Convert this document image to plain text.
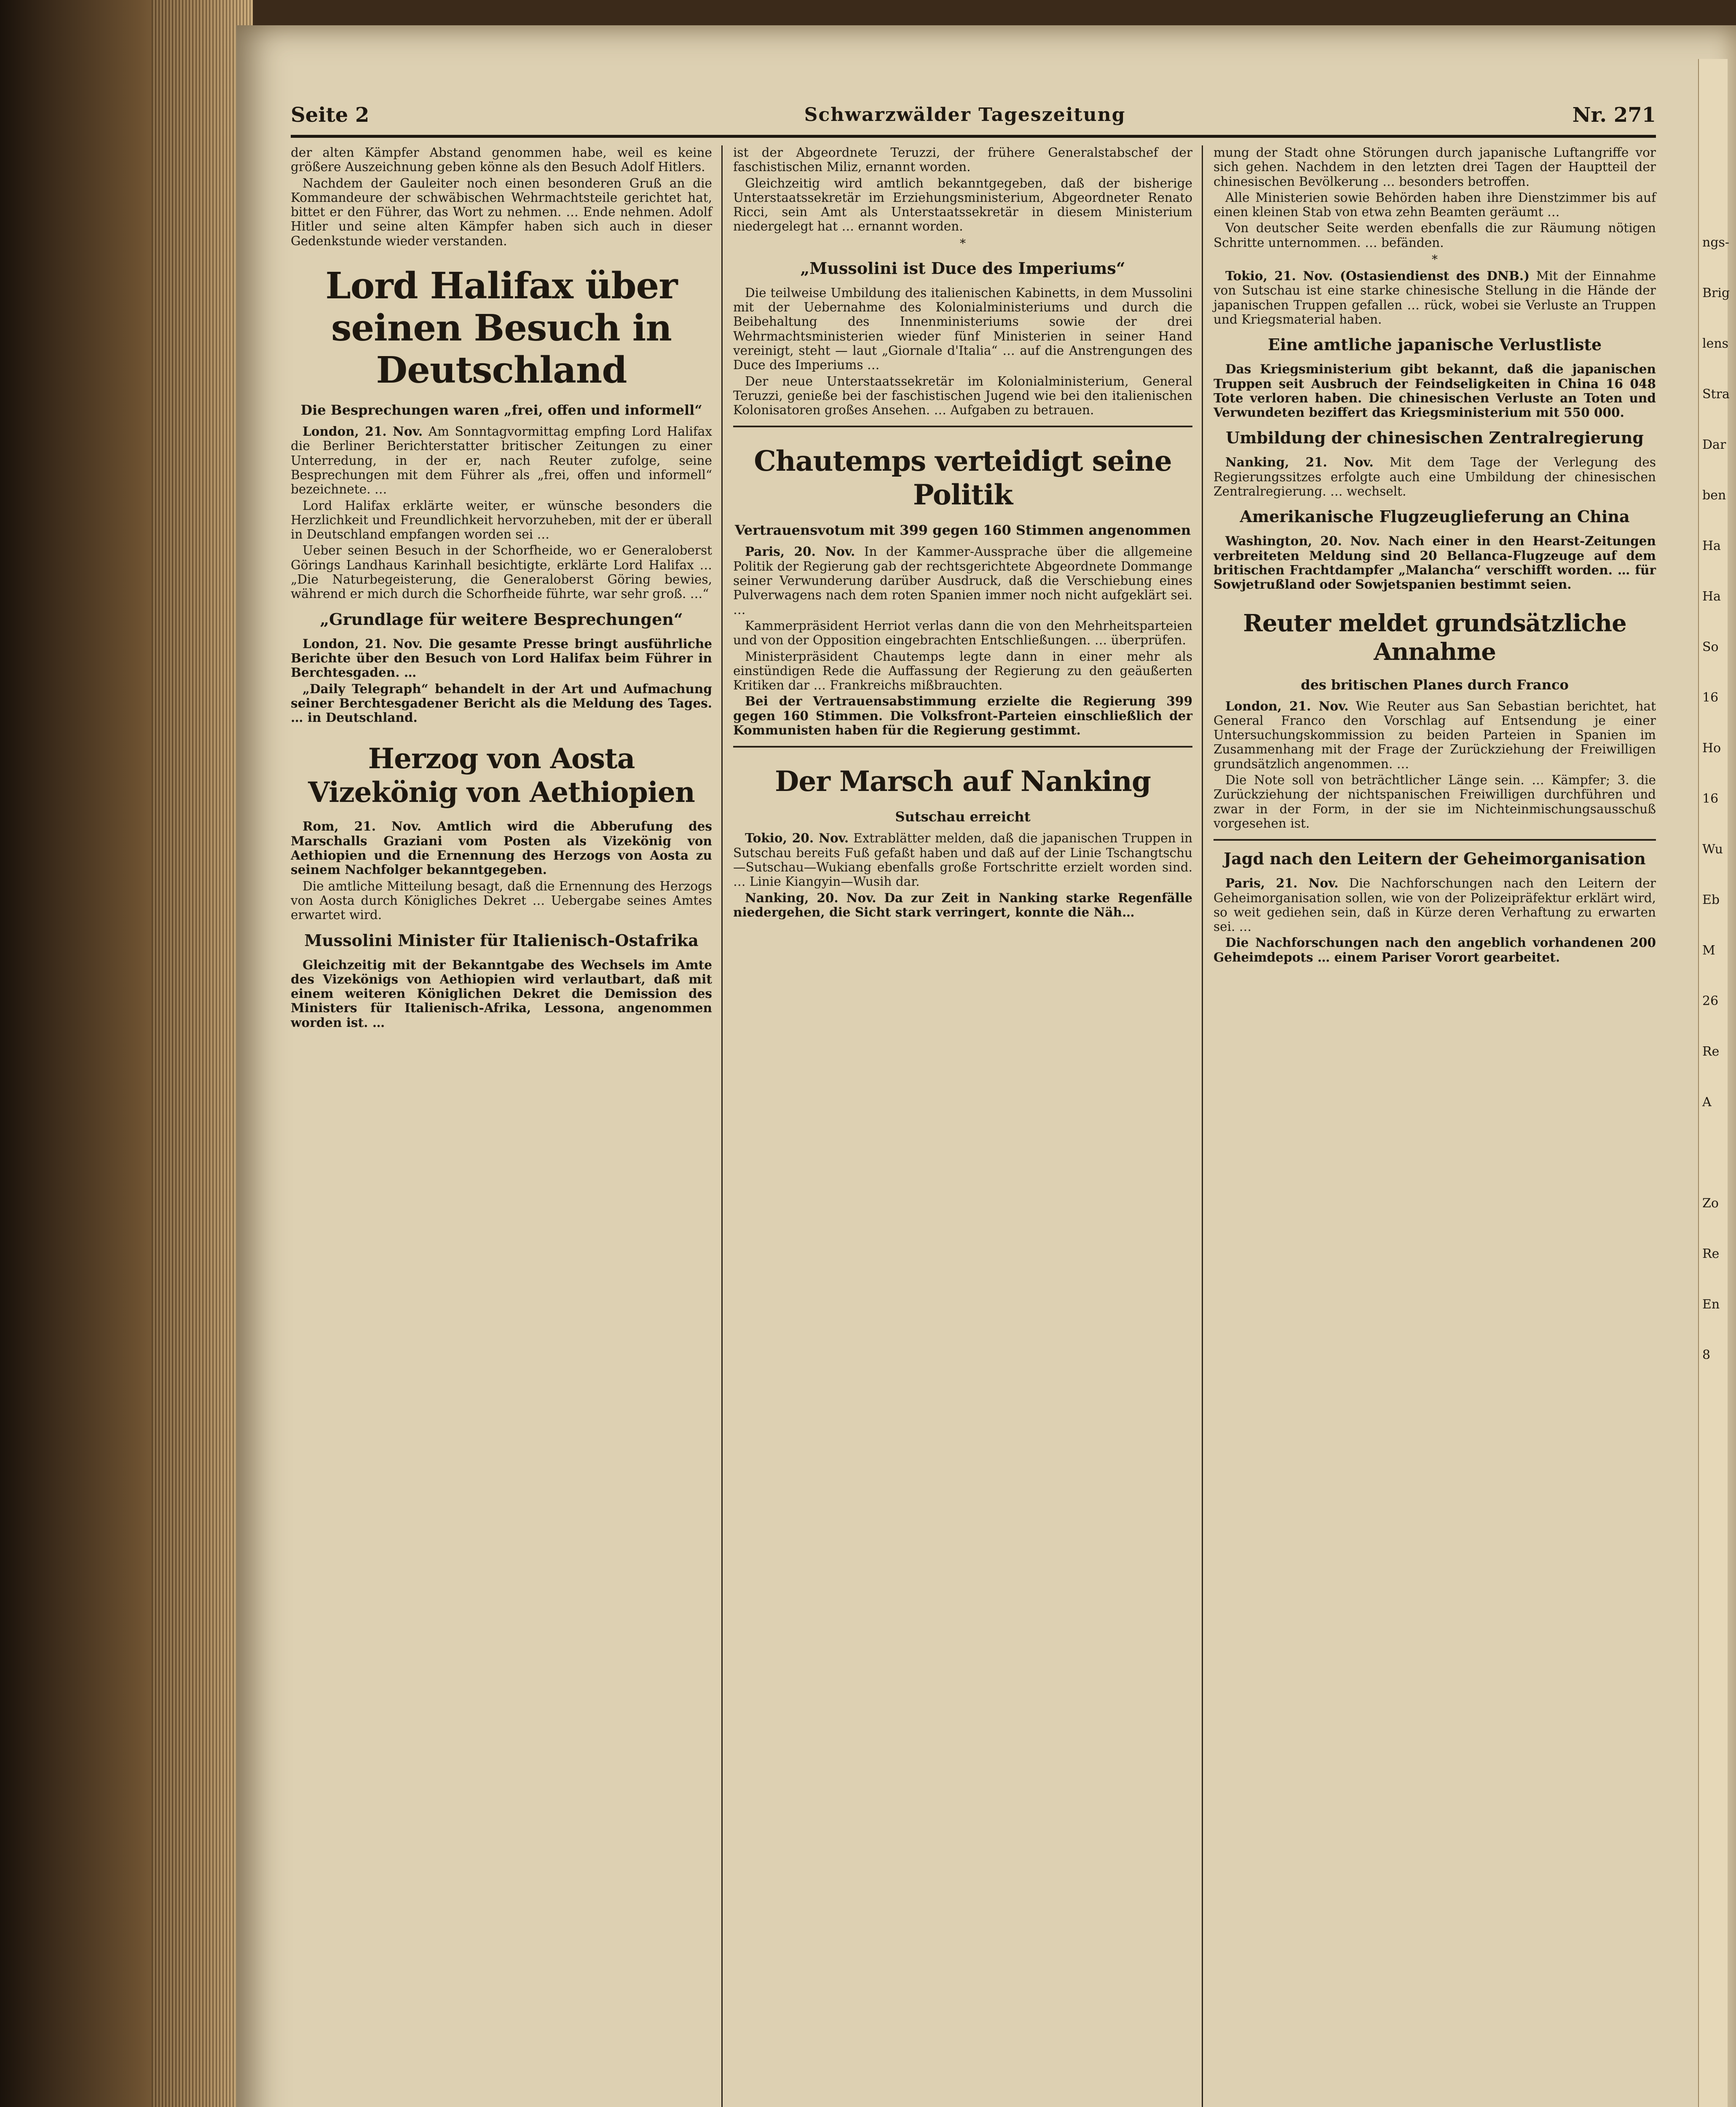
ngs-
Brig
lens
Stra
Dar
ben
Ha
Ha
So
16
Ho
16
Wu
Eb
M
26
Re
A
Zo
Re
En
8
Seite 2	Schwarzwälder Tageszeitung	Nr. 271

der alten Kämpfer Abstand genommen habe, weil es keine größere Auszeichnung geben könne als den Besuch Adolf Hitlers.

Nachdem der Gauleiter noch einen besonderen Gruß an die Kommandeure der schwäbischen Wehrmachtsteile gerichtet hat, bittet er den Führer, das Wort zu nehmen. … Ende nehmen. Adolf Hitler und seine alten Kämpfer haben sich auch in dieser Gedenkstunde wieder verstanden.

Lord Halifax über seinen Besuch in Deutschland
Die Besprechungen waren „frei, offen und informell“

London, 21. Nov. Am Sonntagvormittag empfing Lord Halifax die Berliner Berichterstatter britischer Zeitungen zu einer Unterredung, in der er, nach Reuter zufolge, seine Besprechungen mit dem Führer als „frei, offen und informell“ bezeichnete. …

Lord Halifax erklärte weiter, er wünsche besonders die Herzlichkeit und Freundlichkeit hervorzuheben, mit der er überall in Deutschland empfangen worden sei …

Ueber seinen Besuch in der Schorfheide, wo er Generaloberst Görings Landhaus Karinhall besichtigte, erklärte Lord Halifax … „Die Naturbegeisterung, die Generaloberst Göring bewies, während er mich durch die Schorfheide führte, war sehr groß. …“

„Grundlage für weitere Besprechungen“

London, 21. Nov. Die gesamte Presse bringt ausführliche Berichte über den Besuch von Lord Halifax beim Führer in Berchtesgaden. …

„Daily Telegraph“ behandelt in der Art und Aufmachung seiner Berchtesgadener Bericht als die Meldung des Tages. … in Deutschland.

Herzog von Aosta Vizekönig von Aethiopien

Rom, 21. Nov. Amtlich wird die Abberufung des Marschalls Graziani vom Posten als Vizekönig von Aethiopien und die Ernennung des Herzogs von Aosta zu seinem Nachfolger bekanntgegeben.

Die amtliche Mitteilung besagt, daß die Ernennung des Herzogs von Aosta durch Königliches Dekret … Uebergabe seines Amtes erwartet wird.

Mussolini Minister für Italienisch-Ostafrika

Gleichzeitig mit der Bekanntgabe des Wechsels im Amte des Vizekönigs von Aethiopien wird verlautbart, daß mit einem weiteren Königlichen Dekret die Demission des Ministers für Italienisch-Afrika, Lessona, angenommen worden ist. …

ist der Abgeordnete Teruzzi, der frühere Generalstabschef der faschistischen Miliz, ernannt worden.

Gleichzeitig wird amtlich bekanntgegeben, daß der bisherige Unterstaatssekretär im Erziehungsministerium, Abgeordneter Renato Ricci, sein Amt als Unterstaatssekretär in diesem Ministerium niedergelegt hat … ernannt worden.

*
„Mussolini ist Duce des Imperiums“

Die teilweise Umbildung des italienischen Kabinetts, in dem Mussolini mit der Uebernahme des Kolonialministeriums und durch die Beibehaltung des Innenministeriums sowie der drei Wehrmachtsministerien wieder fünf Ministerien in seiner Hand vereinigt, steht — laut „Giornale d'Italia“ … auf die Anstrengungen des Duce des Imperiums …

Der neue Unterstaatssekretär im Kolonialministerium, General Teruzzi, genieße bei der faschistischen Jugend wie bei den italienischen Kolonisatoren großes Ansehen. … Aufgaben zu betrauen.

Chautemps verteidigt seine Politik
Vertrauensvotum mit 399 gegen 160 Stimmen angenommen

Paris, 20. Nov. In der Kammer-Aussprache über die allgemeine Politik der Regierung gab der rechtsgerichtete Abgeordnete Dommange seiner Verwunderung darüber Ausdruck, daß die Verschiebung eines Pulverwagens nach dem roten Spanien immer noch nicht aufgeklärt sei. …

Kammerpräsident Herriot verlas dann die von den Mehrheitsparteien und von der Opposition eingebrachten Entschließungen. … überprüfen.

Ministerpräsident Chautemps legte dann in einer mehr als einstündigen Rede die Auffassung der Regierung zu den geäußerten Kritiken dar … Frankreichs mißbrauchten.

Bei der Vertrauensabstimmung erzielte die Regierung 399 gegen 160 Stimmen. Die Volksfront-Parteien einschließlich der Kommunisten haben für die Regierung gestimmt.

Der Marsch auf Nanking
Sutschau erreicht

Tokio, 20. Nov. Extrablätter melden, daß die japanischen Truppen in Sutschau bereits Fuß gefaßt haben und daß auf der Linie Tschangtschu—Sutschau—Wukiang ebenfalls große Fortschritte erzielt worden sind. … Linie Kiangyin—Wusih dar.

Nanking, 20. Nov. Da zur Zeit in Nanking starke Regenfälle niedergehen, die Sicht stark verringert, konnte die Näh…

mung der Stadt ohne Störungen durch japanische Luftangriffe vor sich gehen. Nachdem in den letzten drei Tagen der Hauptteil der chinesischen Bevölkerung … besonders betroffen.

Alle Ministerien sowie Behörden haben ihre Dienstzimmer bis auf einen kleinen Stab von etwa zehn Beamten geräumt …

Von deutscher Seite werden ebenfalls die zur Räumung nötigen Schritte unternommen. … befänden.

*

Tokio, 21. Nov. (Ostasiendienst des DNB.) Mit der Einnahme von Sutschau ist eine starke chinesische Stellung in die Hände der japanischen Truppen gefallen … rück, wobei sie Verluste an Truppen und Kriegsmaterial haben.

Eine amtliche japanische Verlustliste

Das Kriegsministerium gibt bekannt, daß die japanischen Truppen seit Ausbruch der Feindseligkeiten in China 16 048 Tote verloren haben. Die chinesischen Verluste an Toten und Verwundeten beziffert das Kriegsministerium mit 550 000.

Umbildung der chinesischen Zentralregierung

Nanking, 21. Nov. Mit dem Tage der Verlegung des Regierungssitzes erfolgte auch eine Umbildung der chinesischen Zentralregierung. … wechselt.

Amerikanische Flugzeuglieferung an China

Washington, 20. Nov. Nach einer in den Hearst-Zeitungen verbreiteten Meldung sind 20 Bellanca-Flugzeuge auf dem britischen Frachtdampfer „Malancha“ verschifft worden. … für Sowjetrußland oder Sowjetspanien bestimmt seien.

Reuter meldet grundsätzliche Annahme
des britischen Planes durch Franco

London, 21. Nov. Wie Reuter aus San Sebastian berichtet, hat General Franco den Vorschlag auf Entsendung je einer Untersuchungskommission zu beiden Parteien in Spanien im Zusammenhang mit der Frage der Zurückziehung der Freiwilligen grundsätzlich angenommen. …

Die Note soll von beträchtlicher Länge sein. … Kämpfer; 3. die Zurückziehung der nichtspanischen Freiwilligen durchführen und zwar in der Form, in der sie im Nichteinmischungsausschuß vorgesehen ist.

Jagd nach den Leitern der Geheimorganisation

Paris, 21. Nov. Die Nachforschungen nach den Leitern der Geheimorganisation sollen, wie von der Polizeipräfektur erklärt wird, so weit gediehen sein, daß in Kürze deren Verhaftung zu erwarten sei. …

Die Nachforschungen nach den angeblich vorhandenen 200 Geheimdepots … einem Pariser Vorort gearbeitet.
